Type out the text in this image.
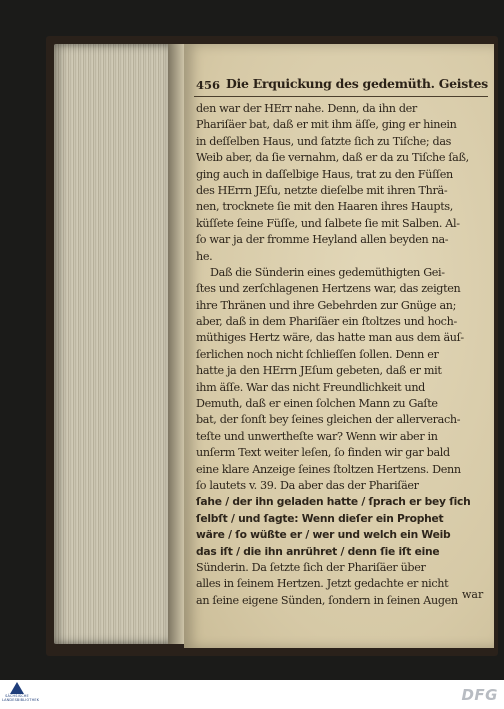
456 Die Erquickung des gedemüth. Geistes
den war der HErr nahe. Denn, da ihn der
Phariſäer bat, daß er mit ihm äſſe, ging er hinein
in deſſelben Haus, und ſatzte ſich zu Tiſche; das
Weib aber, da ſie vernahm, daß er da zu Tiſche ſaß,
ging auch in daſſelbige Haus, trat zu den Füſſen
des HErrn JEſu, netzte dieſelbe mit ihren Thrä-
nen, trocknete ſie mit den Haaren ihres Haupts,
küſſete ſeine Füſſe, und ſalbete ſie mit Salben. Al-
ſo war ja der fromme Heyland allen beyden na-
he.
Daß die Sünderin eines gedemüthigten Gei-
ſtes und zerſchlagenen Hertzens war, das zeigten
ihre Thränen und ihre Gebehrden zur Gnüge an;
aber, daß in dem Phariſäer ein ſtoltzes und hoch-
müthiges Hertz wäre, das hatte man aus dem äuſ-
ſerlichen noch nicht ſchlieſſen ſollen. Denn er
hatte ja den HErrn JEſum gebeten, daß er mit
ihm äſſe. War das nicht Freundlichkeit und
Demuth, daß er einen ſolchen Mann zu Gaſte
bat, der ſonſt bey ſeines gleichen der allerverach-
teſte und unwertheſte war? Wenn wir aber in
unſerm Text weiter leſen, ſo finden wir gar bald
eine klare Anzeige ſeines ſtoltzen Hertzens. Denn
ſo lautets v. 39. Da aber das der Phariſäer
ſahe / der ihn geladen hatte / ſprach er bey ſich
ſelbſt / und ſagte: Wenn dieſer ein Prophet
wäre / ſo wüßte er / wer und welch ein Weib
das iſt / die ihn anrühret / denn ſie iſt eine
Sünderin. Da ſetzte ſich der Phariſäer über
alles in ſeinem Hertzen. Jetzt gedachte er nicht
an ſeine eigene Sünden, ſondern in ſeinen Augen war
SÄCHSISCHE LANDESBIBLIOTHEK	DFG
